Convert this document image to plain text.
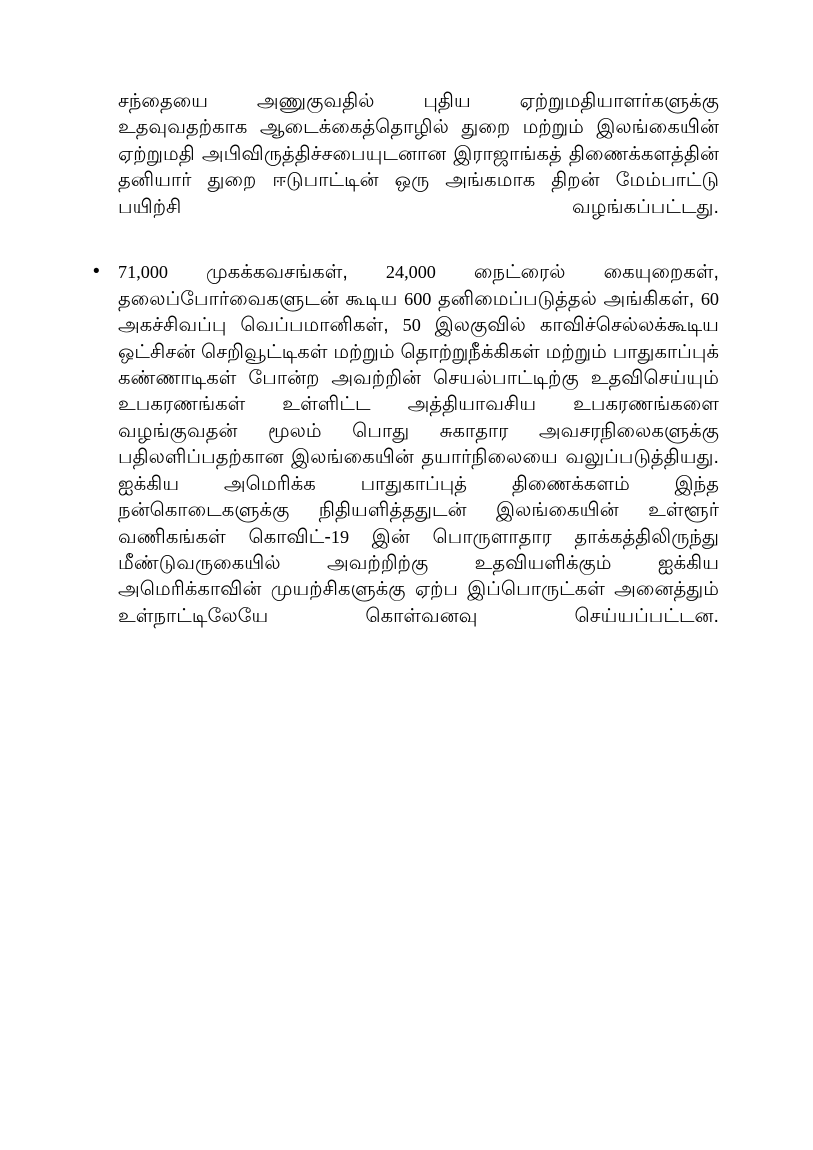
சந்தையை அணுகுவதில் புதிய ஏற்றுமதியாளர்களுக்கு உதவுவதற்காக ஆடைக்கைத்தொழில் துறை மற்றும் இலங்கையின் ஏற்றுமதி அபிவிருத்திச்சபையுடனான இராஜாங்கத் திணைக்களத்தின் தனியார் துறை ஈடுபாட்டின் ஒரு அங்கமாக திறன் மேம்பாட்டு பயிற்சி வழங்கப்பட்டது.

•	71,000 முகக்கவசங்கள், 24,000 நைட்ரைல் கையுறைகள், தலைப்போர்வைகளுடன் கூடிய 600 தனிமைப்படுத்தல் அங்கிகள், 60 அகச்சிவப்பு வெப்பமானிகள், 50 இலகுவில் காவிச்செல்லக்கூடிய ஒட்சிசன் செறிவூட்டிகள் மற்றும் தொற்றுநீக்கிகள் மற்றும் பாதுகாப்புக் கண்ணாடிகள் போன்ற அவற்றின் செயல்பாட்டிற்கு உதவிசெய்யும் உபகரணங்கள் உள்ளிட்ட அத்தியாவசிய உபகரணங்களை வழங்குவதன் மூலம் பொது சுகாதார அவசரநிலைகளுக்கு பதிலளிப்பதற்கான இலங்கையின் தயார்நிலையை வலுப்படுத்தியது. ஐக்கிய அமெரிக்க பாதுகாப்புத் திணைக்களம் இந்த நன்கொடைகளுக்கு நிதியளித்ததுடன் இலங்கையின் உள்ளூர் வணிகங்கள் கொவிட்-19 இன் பொருளாதார தாக்கத்திலிருந்து மீண்டுவருகையில் அவற்றிற்கு உதவியளிக்கும் ஐக்கிய அமெரிக்காவின் முயற்சிகளுக்கு ஏற்ப இப்பொருட்கள் அனைத்தும் உள்நாட்டிலேயே கொள்வனவு செய்யப்பட்டன.
